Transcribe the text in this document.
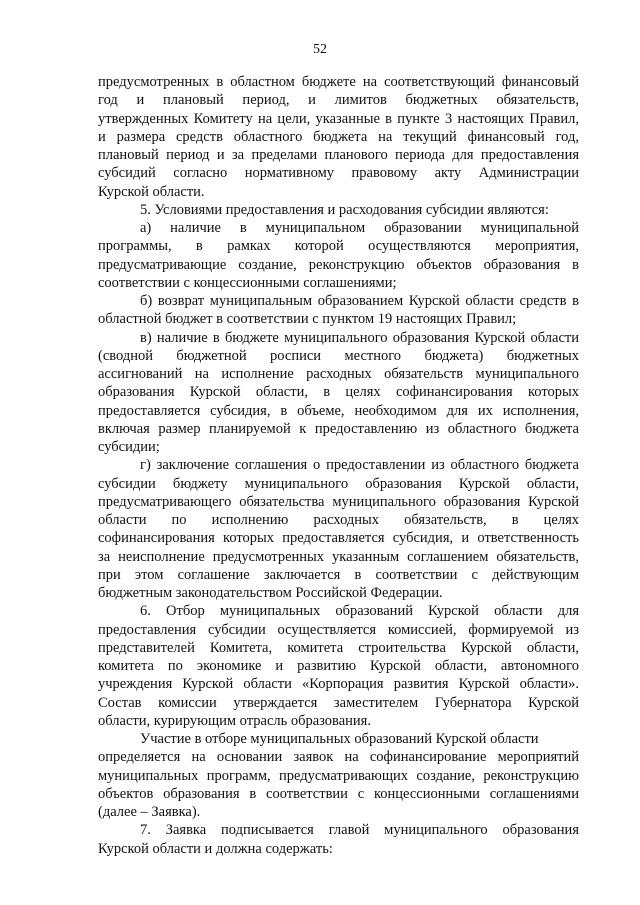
52
предусмотренных в областном бюджете на соответствующий финансовый
год и плановый период, и лимитов бюджетных обязательств,
утвержденных Комитету на цели, указанные в пункте 3 настоящих Правил,
и размера средств областного бюджета на текущий финансовый год,
плановый период и за пределами планового периода для предоставления
субсидий согласно нормативному правовому акту Администрации
Курской области.
5. Условиями предоставления и расходования субсидии являются:
а) наличие в муниципальном образовании муниципальной
программы, в рамках которой осуществляются мероприятия,
предусматривающие создание, реконструкцию объектов образования в
соответствии с концессионными соглашениями;
б) возврат муниципальным образованием Курской области средств в
областной бюджет в соответствии с пунктом 19 настоящих Правил;
в) наличие в бюджете муниципального образования Курской области
(сводной бюджетной росписи местного бюджета) бюджетных
ассигнований на исполнение расходных обязательств муниципального
образования Курской области, в целях софинансирования которых
предоставляется субсидия, в объеме, необходимом для их исполнения,
включая размер планируемой к предоставлению из областного бюджета
субсидии;
г) заключение соглашения о предоставлении из областного бюджета
субсидии бюджету муниципального образования Курской области,
предусматривающего обязательства муниципального образования Курской
области по исполнению расходных обязательств, в целях
софинансирования которых предоставляется субсидия, и ответственность
за неисполнение предусмотренных указанным соглашением обязательств,
при этом соглашение заключается в соответствии с действующим
бюджетным законодательством Российской Федерации.
6. Отбор муниципальных образований Курской области для
предоставления субсидии осуществляется комиссией, формируемой из
представителей Комитета, комитета строительства Курской области,
комитета по экономике и развитию Курской области, автономного
учреждения Курской области «Корпорация развития Курской области».
Состав комиссии утверждается заместителем Губернатора Курской
области, курирующим отрасль образования.
Участие в отборе муниципальных образований Курской области
определяется на основании заявок на софинансирование мероприятий
муниципальных программ, предусматривающих создание, реконструкцию
объектов образования в соответствии с концессионными соглашениями
(далее – Заявка).
7. Заявка подписывается главой муниципального образования
Курской области и должна содержать:
